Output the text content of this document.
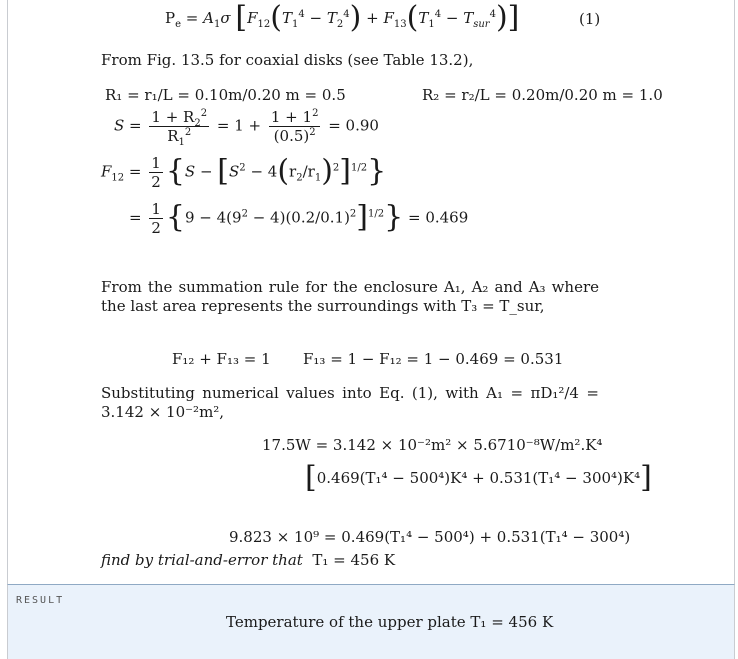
$P_e = A_1\sigma$ $[F_{12}(T_1^4 - T_2^4) + F_{13}(T_1^4 - T_{sur}^4)]$	(1)
From Fig. 13.5 for coaxial disks (see Table 13.2),
R₁ = r₁/L = 0.10m/0.20 m = 0.5	R₂ = r₂/L = 0.20m/0.20 m = 1.0
$S = \frac{1 + R_2^2}{R_1^2} = 1 + \frac{1 + 1^2}{(0.5)^2} = 0.90$
$F_{12} = \frac{1}{2} \{S - [S^2 - 4(r_2/r_1)^2]^{1/2}\}$
= $\frac{1}{2} \{9 - 4(9^2 - 4)(0.2/0.1)^2]^{1/2}\} = 0.469$
From the summation rule for the enclosure A₁, A₂ and A₃ where the last area represents the surroundings with T₃ = T_sur,
F₁₂ + F₁₃ = 1 F₁₃ = 1 − F₁₂ = 1 − 0.469 = 0.531
Substituting numerical values into Eq. (1), with A₁ = πD₁²/4 = 3.142 × 10⁻²m²,
17.5W = 3.142 × 10⁻²m² × 5.6710⁻⁸W/m².K⁴
[0.469(T₁⁴ − 500⁴)K⁴ + 0.531(T₁⁴ − 300⁴)K⁴]
9.823 × 10⁹ = 0.469(T₁⁴ − 500⁴) + 0.531(T₁⁴ − 300⁴)
find by trial-and-error that T₁ = 456 K
RESULT
Temperature of the upper plate T₁ = 456 K
